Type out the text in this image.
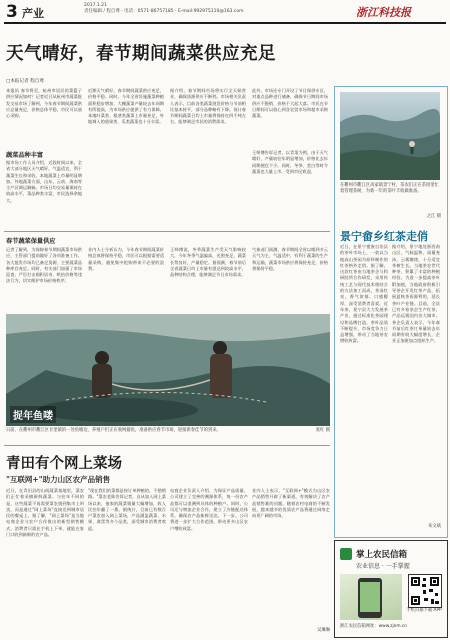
3 产业
2017.1.21
责任编辑 / 程自尊 · 电话：0571-86757185 · E-mail:992975110@163.com	浙江科技报
天气晴好，春节期间蔬菜供应充足
□本报记者 程自尊
本报讯 春节将至，杭州市居民的菜篮子供应情况如何？记者近日从杭州市蔬菜批发交易市场了解到，今年春节期间蔬菜供应总量充足，价格总体平稳，市民可以放心采购。
蔬菜品种丰富
据市场工作人员介绍，近段时间以来，全省大部分地区天气晴好，气温适宜，利于蔬菜生长和采收，本地蔬菜上市量明显增加。外地蔬菜方面，山东、云南、海南等主产区调运顺畅，市场日均交易量保持在较高水平，菜品种类丰富，市民选择余地大。
近期天气晴好，春节期间蔬菜供应充足，价格平稳。同时，今年全省设施蔬菜种植面积稳步增加，大棚蔬菜产量较去年同期有所提高，为市场供应提供了有力保障。本地叶菜类、根茎类蔬菜上市量充足，外地调入的茄果类、瓜类蔬菜也十分丰富。
据介绍，春节期间市场将实行全天候营业，确保货源供应不断档。市场相关负责人表示，目前各类蔬菜批发价格与节前相比基本持平，部分品种略有下降。预计春节期间蔬菜日均上市量将保持在四千吨左右，能够满足市民的消费需求。
此外，市场还专门开设了节日保供专区，对重点品种进行储备，确保节日期间市场供应不脱销、价格不大起大落。市民在节日期间可以放心到各农贸市场和超市采购蔬菜。
王师傅告诉记者，以青菜为例，由于天气晴好，产量较往年明显增加，价格比去年同期便宜不少。同时，冬笋、茭白等时令蔬菜也大量上市，受到市民欢迎。
春节蔬菜保量供应
记者了解到，为保障春节期间蔬菜市场供应，主管部门提前做好了各项准备工作。各大批发市场均已备足货源，主要蔬菜品种库存充足。同时，有关部门加强了市场巡查，严厉打击囤积居奇、哄抬价格等违法行为，切实维护市场价格秩序。
业内人士分析认为，今年春节期间蔬菜价格总体将保持平稳，市民可以根据需要适量采购，避免集中抢购带来不必要的浪费。
王师傅说，冬季蔬菜生产受天气影响较大，今年冬季气温偏高，光照充足，蔬菜长势良好，产量稳定。据预测，春节前后全省蔬菜日均上市量有望达到较高水平，品种结构合理，能够满足节日市场需求。
气象部门预测，春节期间全省以晴到多云天气为主，气温适中，有利于蔬菜的生产和运输，蔬菜市场供应将保持充足，价格将保持平稳。
在衢州市衢江区高家镇景宁村，茶农们正在茶园里忙着管理茶树，为新一年的茶叶丰收做准备。
之江 摄
景宁畲乡红茶走俏
近日，在景宁畲族自治县的茶叶市场上，一款以当地高山茶园为原料制作的红茶格外走俏。据了解，这款红茶由当地茶企与科研院所合作研发，采用传统工艺与现代技术相结合的方法加工而成，茶汤红亮，香气浓郁，口感醇厚，深受消费者喜爱。近年来，景宁县大力发展茶产业，通过标准化茶园建设和品牌打造，茶叶品质不断提升，市场竞争力日益增强，带动了当地茶农增收致富。
据介绍，景宁地处浙西南山区，气候温和，雨量充沛，云雾缭绕，十分适宜茶树生长。当地茶农世代种茶，积累了丰富的种植经验。为进一步提高茶叶附加值，当地政府积极引导茶企开发红茶产品，拓展夏秋茶资源利用，延长茶叶产业链。目前，全县已有多家茶企生产红茶，产品远销国内各大城市。茶企负责人表示，今年春节前后红茶订单量较去年同期有较大幅度增长，企业正加班加点组织生产。
朱文斌
捉年鱼喽
日前，在衢州市衢江区廿里镇的一处鱼塘边，养殖户们正在收网捕鱼，准备供应春节市场，迎接新春佳节的到来。	张红 摄
青田有个网上菜场
"互联网+"助力山区农产品销售
近日，在青田县的山间蔬菜基地里，菜农们正忙着采摘新鲜蔬菜。与往年不同的是，这些蔬菜不再需要菜农挑到集市上叫卖，而是通过"网上菜场"直接送到城市居民的餐桌上。据了解，"网上菜场"是当地电商企业与农户合作推出的新型销售模式，消费者只需在手机上下单，就能在家门口收到新鲜的农产品。
"现在我们的菜都是按订单种植的，不愁销路。"菜农老陈告诉记者，自从加入网上菜场以来，他家的蔬菜销量大幅增加，收入比往年翻了一番。据统计，目前已有数百户菜农加入网上菜场，产品涵盖蔬菜、水果、禽蛋等多个品类，深受城市消费者欢迎。
电商企业负责人介绍，为保证产品质量，公司建立了完善的溯源体系，每一份农产品都可以追溯到具体的种植户。同时，公司还与物流企业合作，建立了冷链配送体系，确保农产品新鲜送达。下一步，公司将进一步扩大合作范围，带动更多山区农户增收致富。
业内人士表示，"互联网+"模式为山区农产品销售开辟了新渠道，有效解决了农产品销售难的问题。随着农村电商的不断发展，越来越多的优质农产品将通过网络走向更广阔的市场。
吴琳琳
掌上农民信箱
农业信息 · 一手掌握
手机扫描下载 APP
浙江农民信箱网址：www.zjnm.cn
